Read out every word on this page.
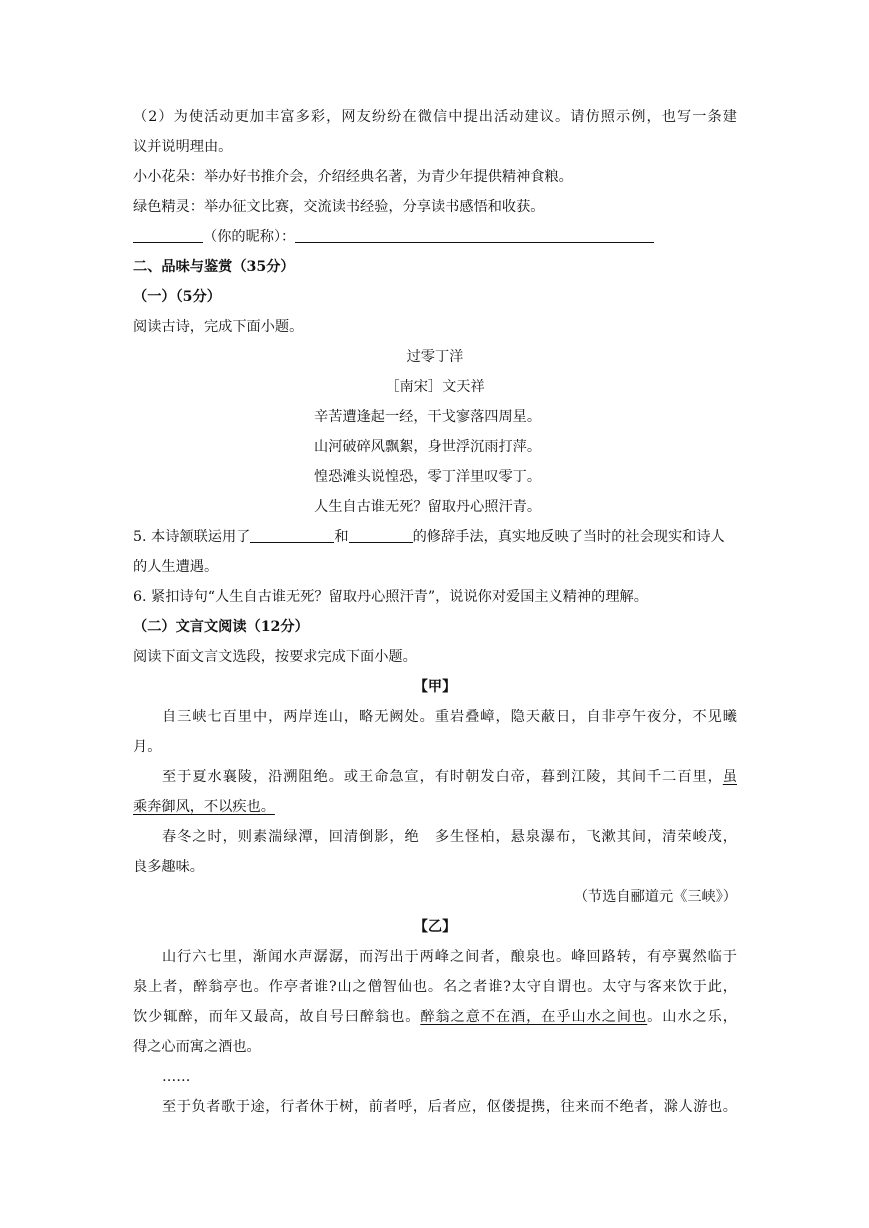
（2）为使活动更加丰富多彩，网友纷纷在微信中提出活动建议。请仿照示例，也写一条建
议并说明理由。
小小花朵：举办好书推介会，介绍经典名著，为青少年提供精神食粮。
绿色精灵：举办征文比赛，交流读书经验，分享读书感悟和收获。
（你的昵称）：
二、品味与鉴赏（35分）
（一）（5分）
阅读古诗，完成下面小题。
过零丁洋
［南宋］文天祥
辛苦遭逢起一经，干戈寥落四周星。
山河破碎风飘絮，身世浮沉雨打萍。
惶恐滩头说惶恐，零丁洋里叹零丁。
人生自古谁无死？留取丹心照汗青。
5. 本诗颔联运用了	和	的修辞手法，真实地反映了当时的社会现实和诗人
的人生遭遇。
6. 紧扣诗句“人生自古谁无死？留取丹心照汗青”，说说你对爱国主义精神的理解。
（二）文言文阅读（12分）
阅读下面文言文选段，按要求完成下面小题。
【甲】
自三峡七百里中，两岸连山，略无阙处。重岩叠嶂，隐天蔽日，自非亭午夜分，不见曦
月。
至于夏水襄陵，沿溯阻绝。或王命急宣，有时朝发白帝，暮到江陵，其间千二百里，虽
乘奔御风，不以疾也。
春冬之时，则素湍绿潭，回清倒影，绝　多生怪柏，悬泉瀑布，飞漱其间，清荣峻茂，
良多趣味。
（节选自郦道元《三峡》）
【乙】
山行六七里，渐闻水声潺潺，而泻出于两峰之间者，酿泉也。峰回路转，有亭翼然临于
泉上者，醉翁亭也。作亭者谁?山之僧智仙也。名之者谁?太守自谓也。太守与客来饮于此，
饮少辄醉，而年又最高，故自号曰醉翁也。醉翁之意不在酒，在乎山水之间也。山水之乐，
得之心而寓之酒也。
……
至于负者歌于途，行者休于树，前者呼，后者应，伛偻提携，往来而不绝者，滁人游也。
